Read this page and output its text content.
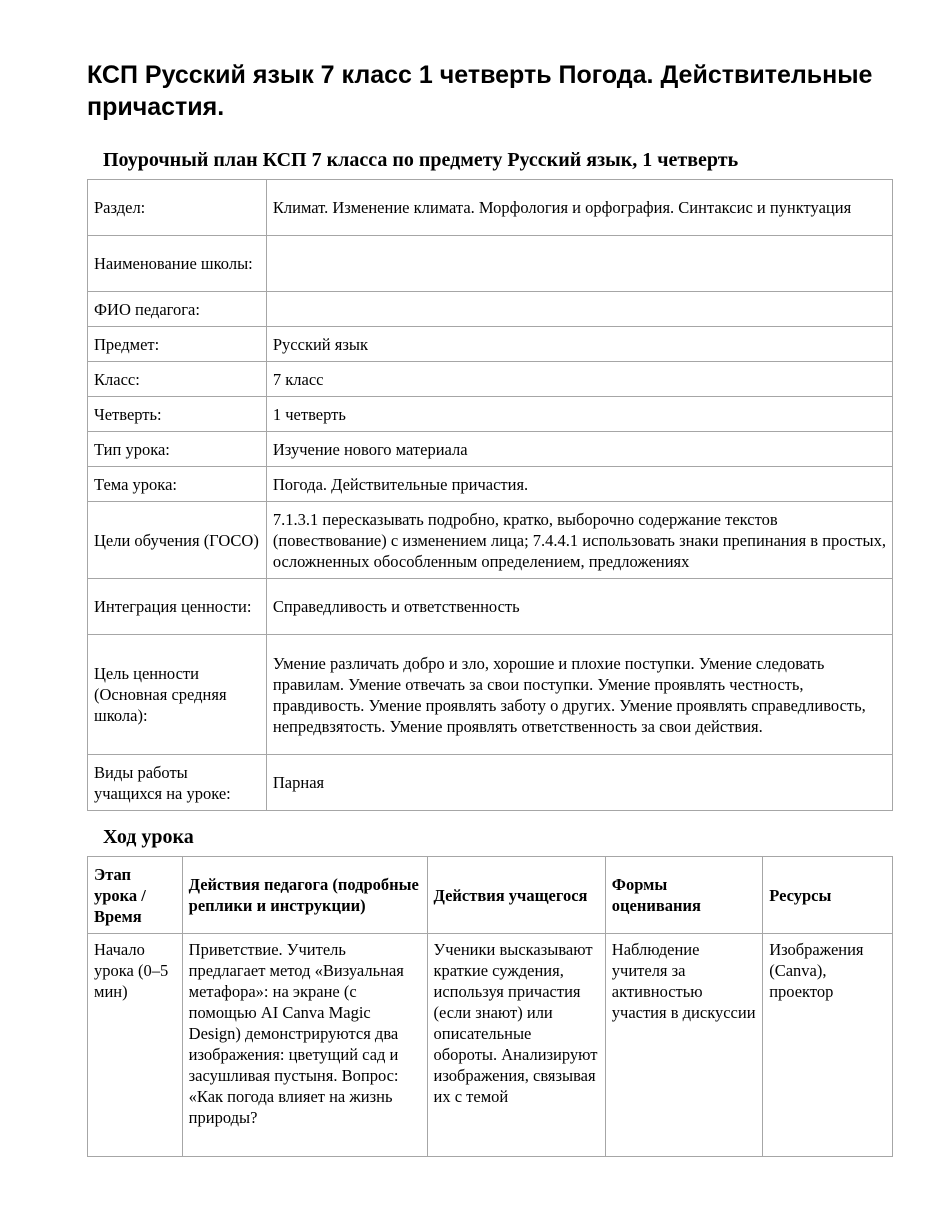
КСП Русский язык 7 класс 1 четверть Погода. Действительные причастия.
Поурочный план КСП 7 класса по предмету Русский язык, 1 четверть
Раздел:	Климат. Изменение климата. Морфология и орфография. Синтаксис и пунктуация
Наименование школы:	
ФИО педагога:	
Предмет:	Русский язык
Класс:	7 класс
Четверть:	1 четверть
Тип урока:	Изучение нового материала
Тема урока:	Погода. Действительные причастия.
Цели обучения (ГОСО)	7.1.3.1 пересказывать подробно, кратко, выборочно содержание текстов (повествование) с изменением лица; 7.4.4.1 использовать знаки препинания в простых, осложненных обособленным определением, предложениях
Интеграция ценности:	Справедливость и ответственность
Цель ценности (Основная средняя школа):	Умение различать добро и зло, хорошие и плохие поступки. Умение следовать правилам. Умение отвечать за свои поступки. Умение проявлять честность, правдивость. Умение проявлять заботу о других. Умение проявлять справедливость, непредвзятость. Умение проявлять ответственность за свои действия.
Виды работы учащихся на уроке:	Парная
Ход урока
Этап урока / Время	Действия педагога (подробные реплики и инструкции)	Действия учащегося	Формы оценивания	Ресурсы
Начало урока (0–5 мин)	Приветствие. Учитель предлагает метод «Визуальная метафора»: на экране (с помощью AI Canva Magic Design) демонстрируются два изображения: цветущий сад и засушливая пустыня. Вопрос: «Как погода влияет на жизнь природы?	Ученики высказывают краткие суждения, используя причастия (если знают) или описательные обороты. Анализируют изображения, связывая их с темой	Наблюдение учителя за активностью участия в дискуссии	Изображения (Canva), проектор
